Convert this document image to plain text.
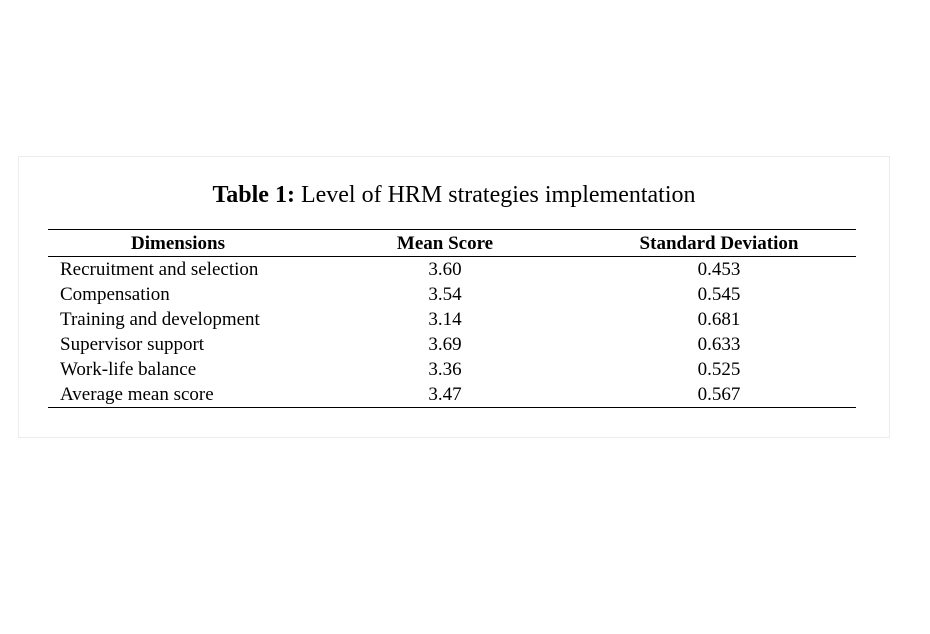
Table 1: Level of HRM strategies implementation
Dimensions	Mean Score	Standard Deviation
Recruitment and selection	3.60	0.453
Compensation	3.54	0.545
Training and development	3.14	0.681
Supervisor support	3.69	0.633
Work-life balance	3.36	0.525
Average mean score	3.47	0.567
